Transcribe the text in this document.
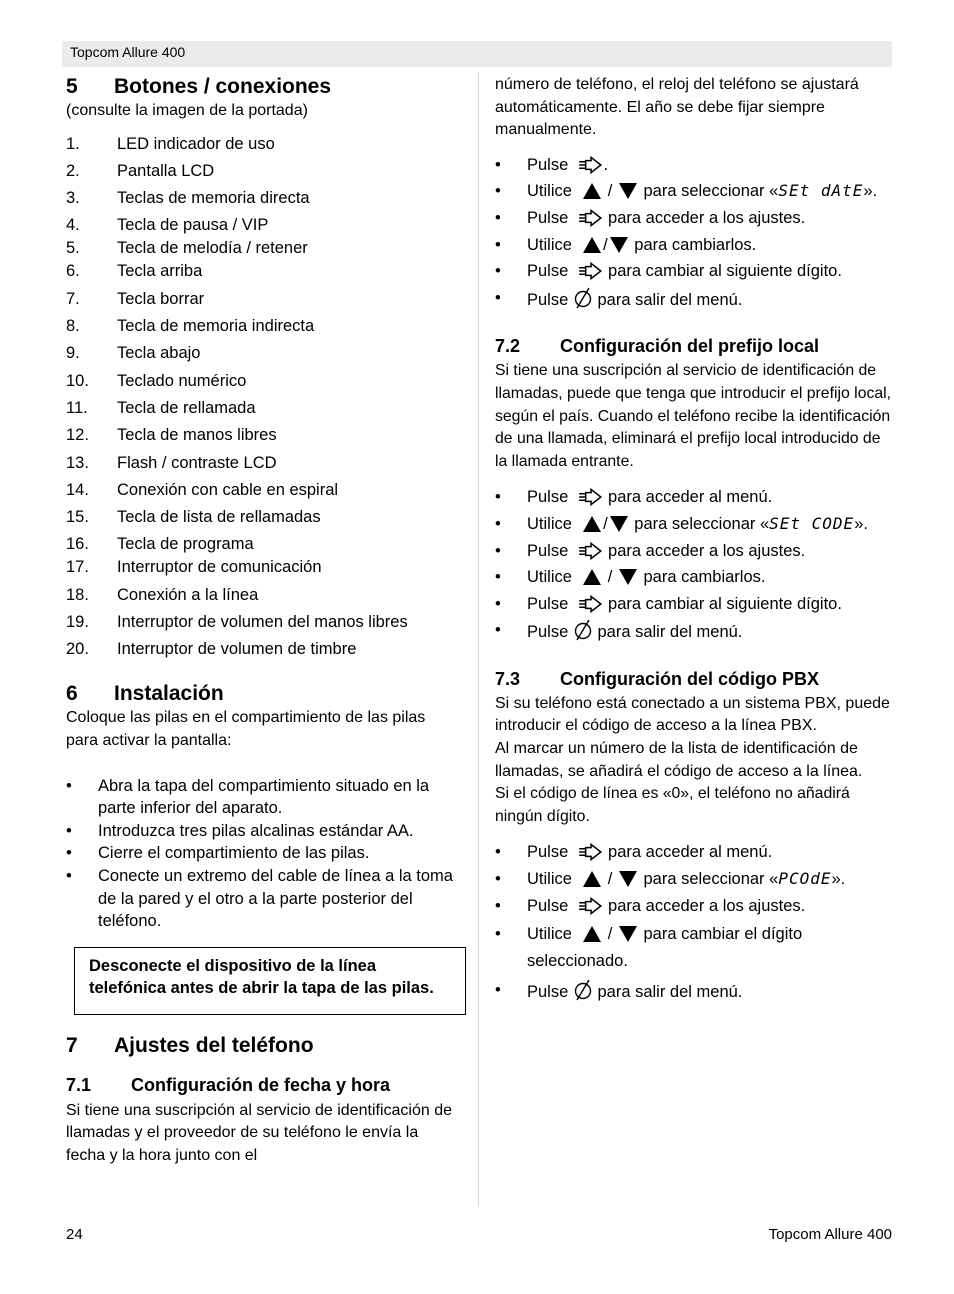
Topcom Allure 400
5	Botones / conexiones
(consulte la imagen de la portada)
1.	LED indicador de uso
2.	Pantalla LCD
3.	Teclas de memoria directa
4.	Tecla de pausa / VIP
5.	Tecla de melodía / retener
6.	Tecla arriba
7.	Tecla borrar
8.	Tecla de memoria indirecta
9.	Tecla abajo
10.	Teclado numérico
11.	Tecla de rellamada
12.	Tecla de manos libres
13.	Flash / contraste LCD
14.	Conexión con cable en espiral
15.	Tecla de lista de rellamadas
16.	Tecla de programa
17.	Interruptor de comunicación
18.	Conexión a la línea
19.	Interruptor de volumen del manos libres
20.	Interruptor de volumen de timbre
6	Instalación
Coloque las pilas en el compartimiento de las pilas para activar la pantalla:
•	Abra la tapa del compartimiento situado en la parte inferior del aparato.
•	Introduzca tres pilas alcalinas estándar AA.
•	Cierre el compartimiento de las pilas.
•	Conecte un extremo del cable de línea a la toma de la pared y el otro a la parte posterior del teléfono.
Desconecte el dispositivo de la línea telefónica antes de abrir la tapa de las pilas.
7	Ajustes del teléfono
7.1	Configuración de fecha y hora
Si tiene una suscripción al servicio de identificación de llamadas y el proveedor de su teléfono le envía la fecha y la hora junto con el
número de teléfono, el reloj del teléfono se ajustará automáticamente. El año se debe fijar siempre manualmente.
•	Pulse .
•	Utilice / para seleccionar «SEt dAtE».
•	Pulse para acceder a los ajustes.
•	Utilice / para cambiarlos.
•	Pulse para cambiar al siguiente dígito.
•	Pulse para salir del menú.
7.2	Configuración del prefijo local
Si tiene una suscripción al servicio de identificación de llamadas, puede que tenga que introducir el prefijo local, según el país. Cuando el teléfono recibe la identificación de una llamada, eliminará el prefijo local introducido de la llamada entrante.
•	Pulse para acceder al menú.
•	Utilice / para seleccionar «SEt CODE».
•	Pulse para acceder a los ajustes.
•	Utilice / para cambiarlos.
•	Pulse para cambiar al siguiente dígito.
•	Pulse para salir del menú.
7.3	Configuración del código PBX
Si su teléfono está conectado a un sistema PBX, puede introducir el código de acceso a la línea PBX.
Al marcar un número de la lista de identificación de llamadas, se añadirá el código de acceso a la línea.
Si el código de línea es «0», el teléfono no añadirá ningún dígito.
•	Pulse para acceder al menú.
•	Utilice / para seleccionar «PCOdE».
•	Pulse para acceder a los ajustes.
•	Utilice / para cambiar el dígito seleccionado.
•	Pulse para salir del menú.
24	Topcom Allure 400
